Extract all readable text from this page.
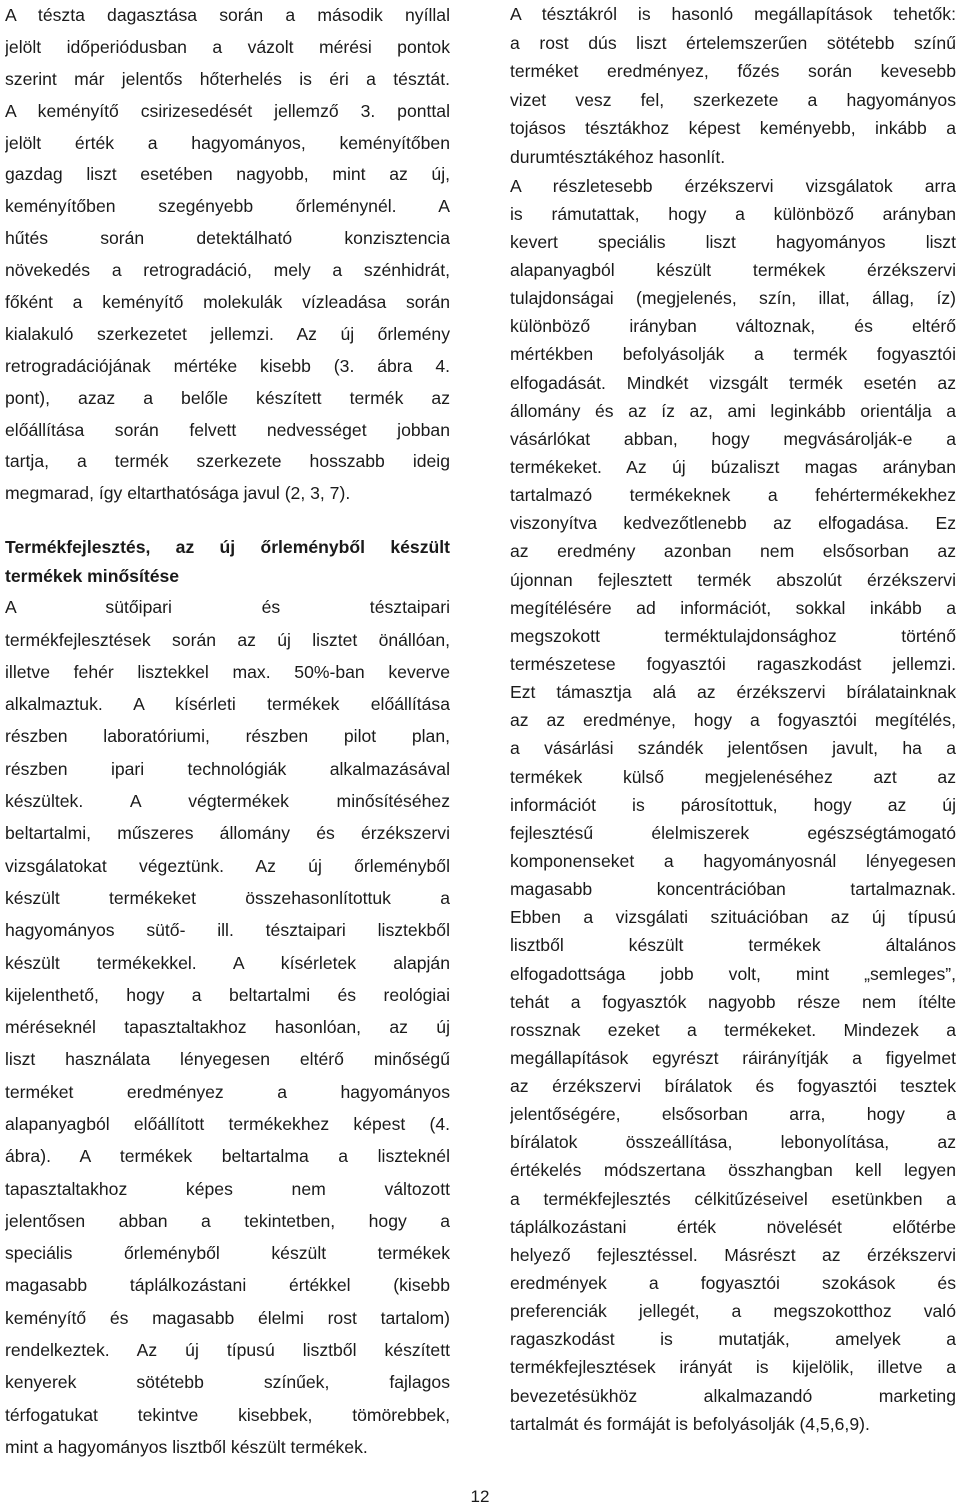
A tészta dagasztása során a második nyíllal
jelölt időperiódusban a vázolt mérési pontok
szerint már jelentős hőterhelés is éri a tésztát.
A keményítő csirizesedését jellemző 3. ponttal
jelölt érték a hagyományos, keményítőben
gazdag liszt esetében nagyobb, mint az új,
keményítőben szegényebb őrleménynél. A
hűtés során detektálható konzisztencia
növekedés a retrogradáció, mely a szénhidrát,
főként a keményítő molekulák vízleadása során
kialakuló szerkezetet jellemzi. Az új őrlemény
retrogradációjának mértéke kisebb (3. ábra 4.
pont), azaz a belőle készített termék az
előállítása során felvett nedvességet jobban
tartja, a termék szerkezete hosszabb ideig
megmarad, így eltarthatósága javul (2, 3, 7).

Termékfejlesztés, az új őrleményből készült
termékek minősítése

A sütőipari és tésztaipari
termékfejlesztések során az új lisztet önállóan,
illetve fehér lisztekkel max. 50%-ban keverve
alkalmaztuk. A kísérleti termékek előállítása
részben laboratóriumi, részben pilot plan,
részben ipari technológiák alkalmazásával
készültek. A végtermékek minősítéséhez
beltartalmi, műszeres állomány és érzékszervi
vizsgálatokat végeztünk. Az új őrleményből
készült termékeket összehasonlítottuk a
hagyományos sütő- ill. tésztaipari lisztekből
készült termékekkel. A kísérletek alapján
kijelenthető, hogy a beltartalmi és reológiai
méréseknél tapasztaltakhoz hasonlóan, az új
liszt használata lényegesen eltérő minőségű
terméket eredményez a hagyományos
alapanyagból előállított termékekhez képest (4.
ábra). A termékek beltartalma a liszteknél
tapasztaltakhoz képes nem változott
jelentősen abban a tekintetben, hogy a
speciális őrleményből készült termékek
magasabb táplálkozástani értékkel (kisebb
keményítő és magasabb élelmi rost tartalom)
rendelkeztek. Az új típusú lisztből készített
kenyerek sötétebb színűek, fajlagos
térfogatukat tekintve kisebbek, tömörebbek,
mint a hagyományos lisztből készült termékek.

A tésztákról is hasonló megállapítások tehetők:
a rost dús liszt értelemszerűen sötétebb színű
terméket eredményez, főzés során kevesebb
vizet vesz fel, szerkezete a hagyományos
tojásos tésztákhoz képest keményebb, inkább a
durumtésztákéhoz hasonlít.

A részletesebb érzékszervi vizsgálatok arra
is rámutattak, hogy a különböző arányban
kevert speciális liszt hagyományos liszt
alapanyagból készült termékek érzékszervi
tulajdonságai (megjelenés, szín, illat, állag, íz)
különböző irányban változnak, és eltérő
mértékben befolyásolják a termék fogyasztói
elfogadását. Mindkét vizsgált termék esetén az
állomány és az íz az, ami leginkább orientálja a
vásárlókat abban, hogy megvásárolják-e a
termékeket. Az új búzaliszt magas arányban
tartalmazó termékeknek a fehértermékekhez
viszonyítva kedvezőtlenebb az elfogadása. Ez
az eredmény azonban nem elsősorban az
újonnan fejlesztett termék abszolút érzékszervi
megítélésére ad információt, sokkal inkább a
megszokott terméktulajdonsághoz történő
természetese fogyasztói ragaszkodást jellemzi.
Ezt támasztja alá az érzékszervi bírálatainknak
az az eredménye, hogy a fogyasztói megítélés,
a vásárlási szándék jelentősen javult, ha a
termékek külső megjelenéséhez azt az
információt is párosítottuk, hogy az új
fejlesztésű élelmiszerek egészségtámogató
komponenseket a hagyományosnál lényegesen
magasabb koncentrációban tartalmaznak.
Ebben a vizsgálati szituációban az új típusú
lisztből készült termékek általános
elfogadottsága jobb volt, mint „semleges”,
tehát a fogyasztók nagyobb része nem ítélte
rossznak ezeket a termékeket. Mindezek a
megállapítások egyrészt ráirányítják a figyelmet
az érzékszervi bírálatok és fogyasztói tesztek
jelentőségére, elsősorban arra, hogy a
bírálatok összeállítása, lebonyolítása, az
értékelés módszertana összhangban kell legyen
a termékfejlesztés célkitűzéseivel esetünkben a
táplálkozástani érték növelését előtérbe
helyező fejlesztéssel. Másrészt az érzékszervi
eredmények a fogyasztói szokások és
preferenciák jellegét, a megszokotthoz való
ragaszkodást is mutatják, amelyek a
termékfejlesztések irányát is kijelölik, illetve a
bevezetésükhöz alkalmazandó marketing
tartalmát és formáját is befolyásolják (4,5,6,9).

12
